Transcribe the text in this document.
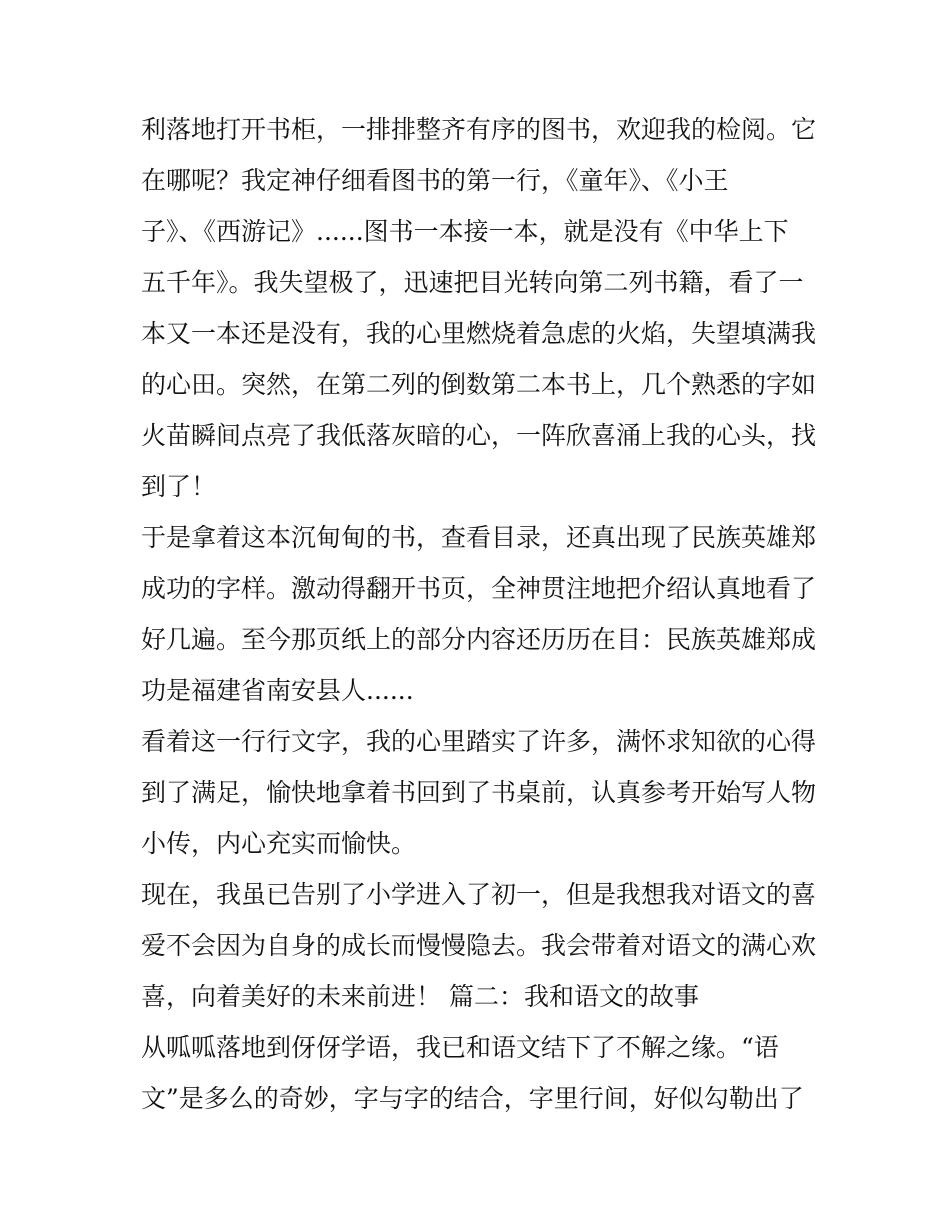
利落地打开书柜，一排排整齐有序的图书，欢迎我的检阅。它
在哪呢？我定神仔细看图书的第一行，《童年》、《小王
子》、《西游记》......图书一本接一本，就是没有《中华上下
五千年》。我失望极了，迅速把目光转向第二列书籍，看了一
本又一本还是没有，我的心里燃烧着急虑的火焰，失望填满我
的心田。突然，在第二列的倒数第二本书上，几个熟悉的字如
火苗瞬间点亮了我低落灰暗的心，一阵欣喜涌上我的心头，找
到了！
于是拿着这本沉甸甸的书，查看目录，还真出现了民族英雄郑
成功的字样。激动得翻开书页，全神贯注地把介绍认真地看了
好几遍。至今那页纸上的部分内容还历历在目：民族英雄郑成
功是福建省南安县人......
看着这一行行文字，我的心里踏实了许多，满怀求知欲的心得
到了满足，愉快地拿着书回到了书桌前，认真参考开始写人物
小传，内心充实而愉快。
现在，我虽已告别了小学进入了初一，但是我想我对语文的喜
爱不会因为自身的成长而慢慢隐去。我会带着对语文的满心欢
喜，向着美好的未来前进！ 篇二：我和语文的故事
从呱呱落地到伢伢学语，我已和语文结下了不解之缘。“语
文”是多么的奇妙，字与字的结合，字里行间，好似勾勒出了
